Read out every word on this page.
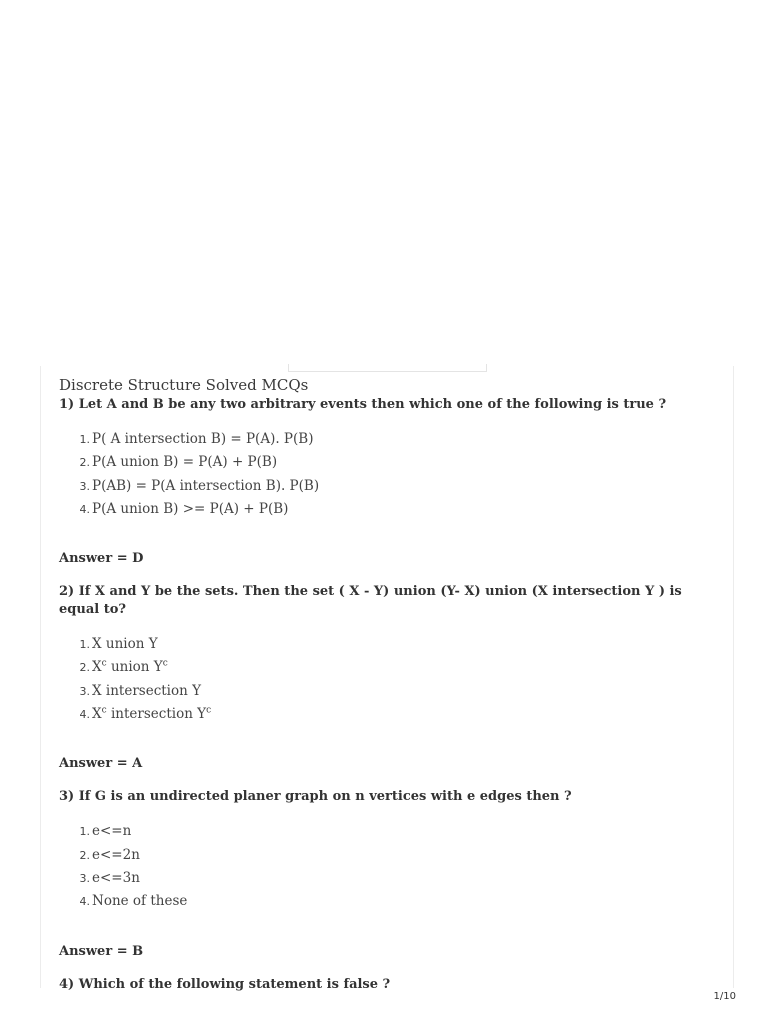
Discrete Structure Solved MCQs

1) Let A and B be any two arbitrary events then which one of the following is true ?

1. P( A intersection B) = P(A). P(B)
2. P(A union B) = P(A) + P(B)
3. P(AB) = P(A intersection B). P(B)
4. P(A union B) >= P(A) + P(B)

Answer = D

2) If X and Y be the sets. Then the set ( X - Y) union (Y- X) union (X intersection Y ) is equal to?

1. X union Y
2. $X^c$ union $Y^c$
3. X intersection Y
4. $X^c$ intersection $Y^c$

Answer = A

3) If G is an undirected planer graph on n vertices with e edges then ?

1. e<=n
2. e<=2n
3. e<=3n
4. None of these

Answer = B

4) Which of the following statement is false ?

1/10
